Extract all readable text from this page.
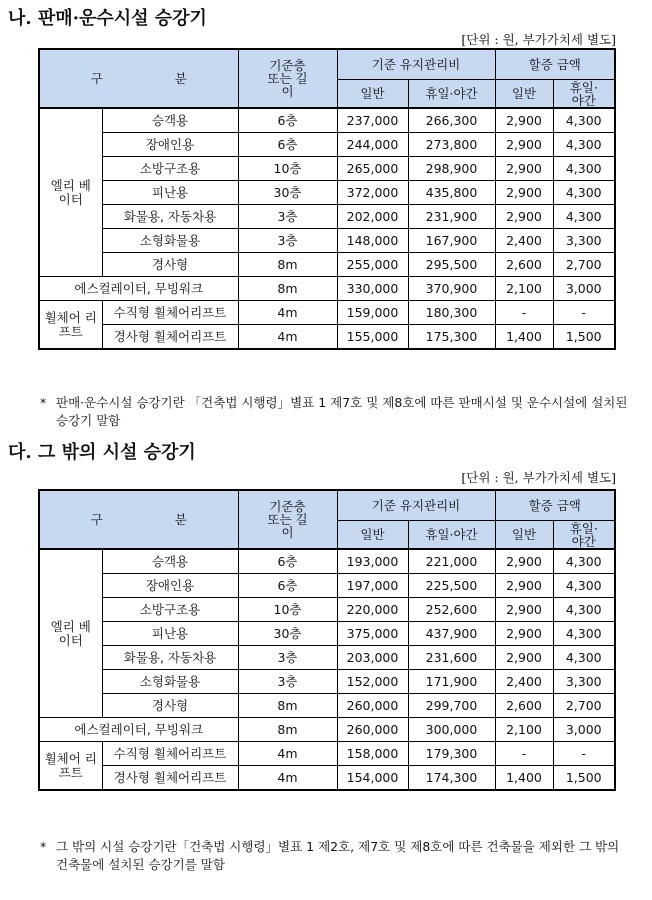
나. 판매·운수시설 승강기
[단위 : 원, 부가가치세 별도]
구 분		기준층 또는 길이	기준 유지관리비		할증 금액	
			일반	휴일·야간	일반	휴일·야간
엘리 베이터	승객용	6층	237,000	266,300	2,900	4,300
	장애인용	6층	244,000	273,800	2,900	4,300
	소방구조용	10층	265,000	298,900	2,900	4,300
	피난용	30층	372,000	435,800	2,900	4,300
	화물용, 자동차용	3층	202,000	231,900	2,900	4,300
	소형화물용	3층	148,000	167,900	2,400	3,300
	경사형	8m	255,000	295,500	2,600	2,700
에스컬레이터, 무빙워크		8m	330,000	370,900	2,100	3,000
휠체어 리프트	수직형 휠체어리프트	4m	159,000	180,300	-	-
	경사형 휠체어리프트	4m	155,000	175,300	1,400	1,500
* 판매·운수시설 승강기란 「건축법 시행령」별표 1 제7호 및 제8호에 따른 판매시설 및 운수시설에 설치된 승강기 말함
다. 그 밖의 시설 승강기
[단위 : 원, 부가가치세 별도]
구 분		기준층 또는 길이	기준 유지관리비		할증 금액	
			일반	휴일·야간	일반	휴일·야간
엘리 베이터	승객용	6층	193,000	221,000	2,900	4,300
	장애인용	6층	197,000	225,500	2,900	4,300
	소방구조용	10층	220,000	252,600	2,900	4,300
	피난용	30층	375,000	437,900	2,900	4,300
	화물용, 자동차용	3층	203,000	231,600	2,900	4,300
	소형화물용	3층	152,000	171,900	2,400	3,300
	경사형	8m	260,000	299,700	2,600	2,700
에스컬레이터, 무빙워크		8m	260,000	300,000	2,100	3,000
휠체어 리프트	수직형 휠체어리프트	4m	158,000	179,300	-	-
	경사형 휠체어리프트	4m	154,000	174,300	1,400	1,500
* 그 밖의 시설 승강기란「건축법 시행령」별표 1 제2호, 제7호 및 제8호에 따른 건축물을 제외한 그 밖의 건축물에 설치된 승강기를 말함
